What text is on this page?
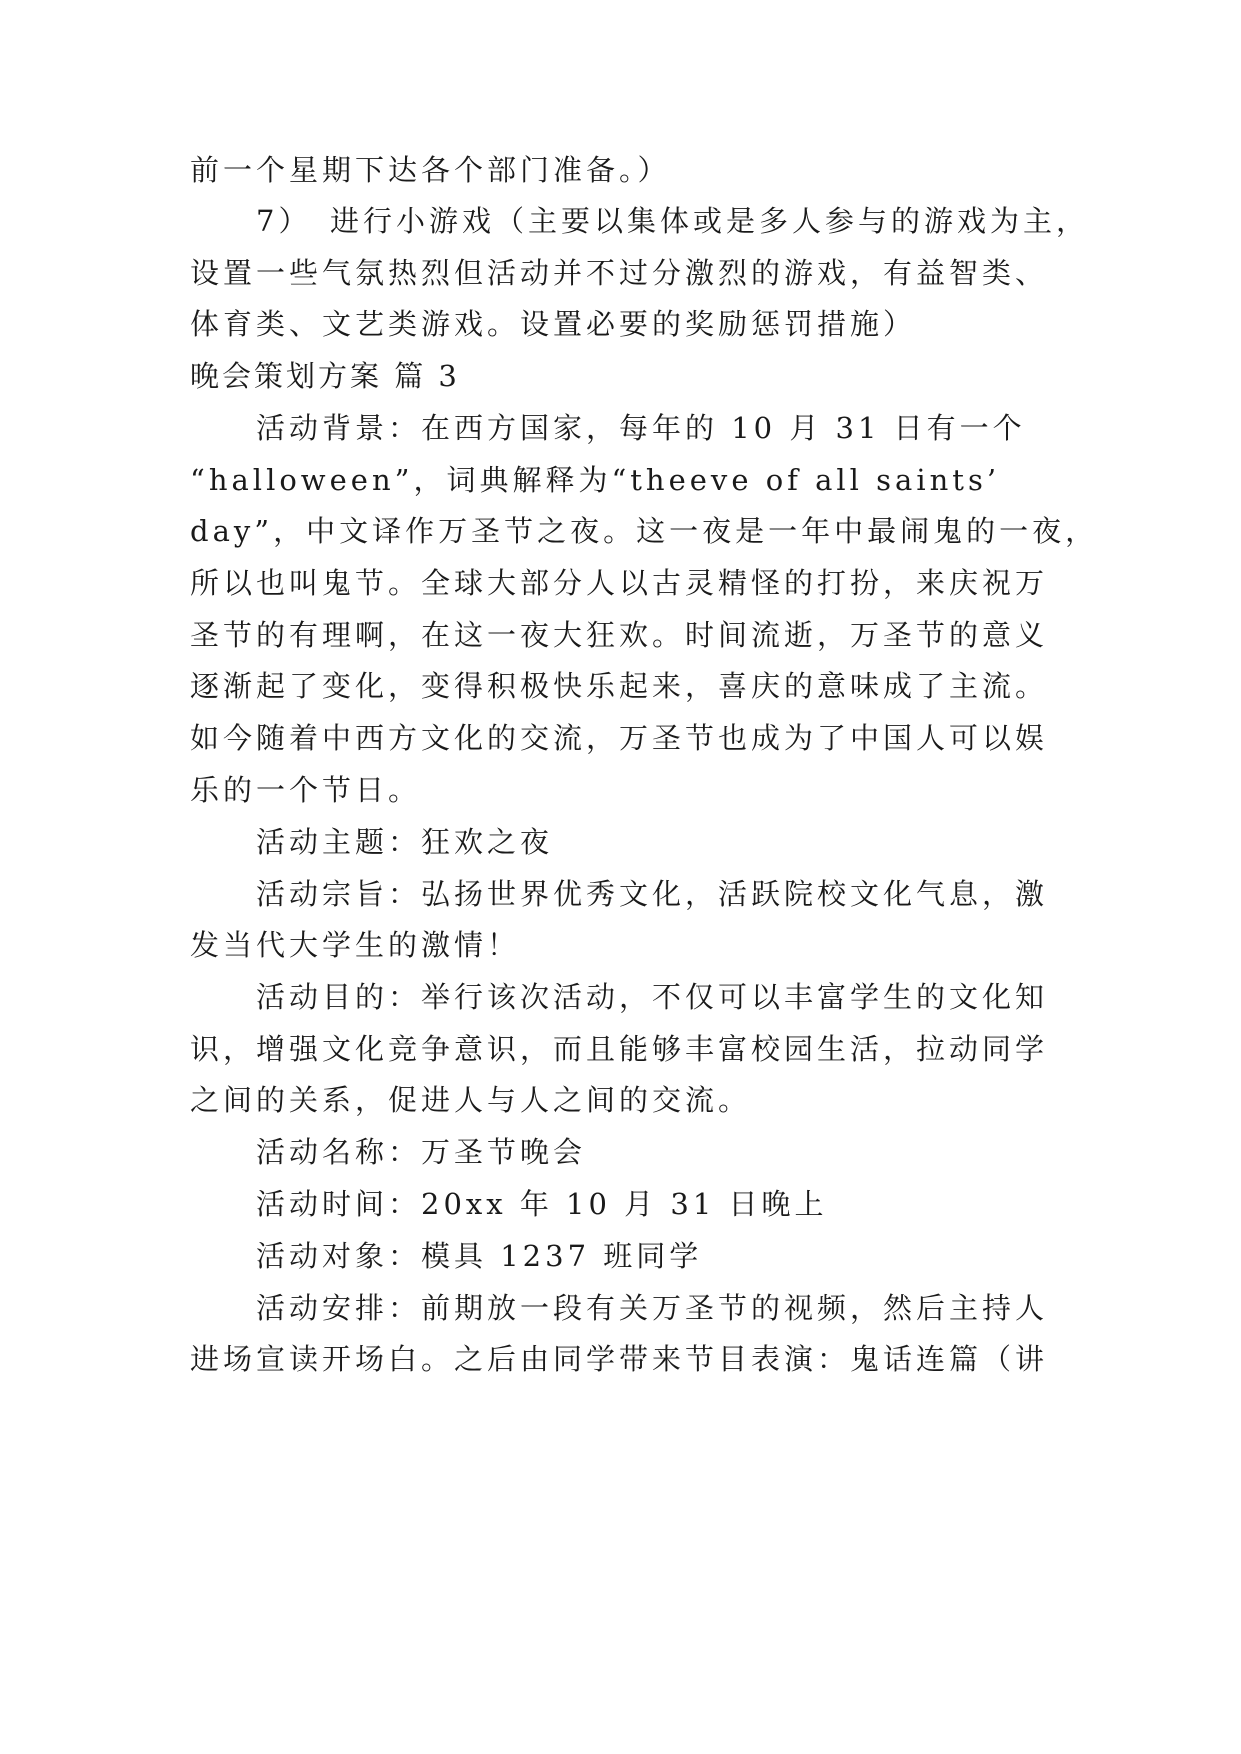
前一个星期下达各个部门准备。）
7）　进行小游戏（主要以集体或是多人参与的游戏为主，
设置一些气氛热烈但活动并不过分激烈的游戏，有益智类、
体育类、文艺类游戏。设置必要的奖励惩罚措施）
晚会策划方案 篇 3
活动背景：在西方国家，每年的 10 月 31 日有一个
“halloween”，词典解释为“theeve of all saints’
day”，中文译作万圣节之夜。这一夜是一年中最闹鬼的一夜，
所以也叫鬼节。全球大部分人以古灵精怪的打扮，来庆祝万
圣节的有理啊，在这一夜大狂欢。时间流逝，万圣节的意义
逐渐起了变化，变得积极快乐起来，喜庆的意味成了主流。
如今随着中西方文化的交流，万圣节也成为了中国人可以娱
乐的一个节日。
活动主题：狂欢之夜
活动宗旨：弘扬世界优秀文化，活跃院校文化气息，激
发当代大学生的激情！
活动目的：举行该次活动，不仅可以丰富学生的文化知
识，增强文化竞争意识，而且能够丰富校园生活，拉动同学
之间的关系，促进人与人之间的交流。
活动名称：万圣节晚会
活动时间：20xx 年 10 月 31 日晚上
活动对象：模具 1237 班同学
活动安排：前期放一段有关万圣节的视频，然后主持人
进场宣读开场白。之后由同学带来节目表演：鬼话连篇（讲
